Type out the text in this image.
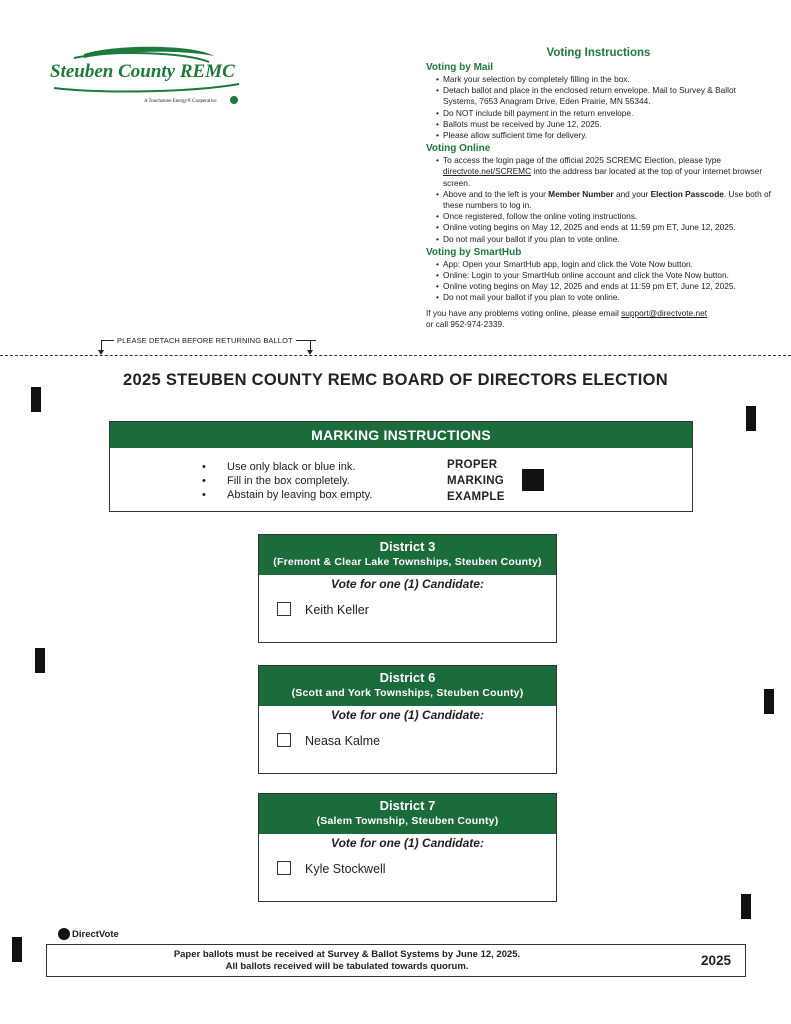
Steuben County REMC
A Touchstone Energy® Cooperative
Voting Instructions
Voting by Mail
• Mark your selection by completely filling in the box.
• Detach ballot and place in the enclosed return envelope. Mail to Survey & Ballot Systems, 7653 Anagram Drive, Eden Prairie, MN 55344.
• Do NOT include bill payment in the return envelope.
• Ballots must be received by June 12, 2025.
• Please allow sufficient time for delivery.
Voting Online
• To access the login page of the official 2025 SCREMC Election, please type directvote.net/SCREMC into the address bar located at the top of your internet browser screen.
• Above and to the left is your Member Number and your Election Passcode. Use both of these numbers to log in.
• Once registered, follow the online voting instructions.
• Online voting begins on May 12, 2025 and ends at 11:59 pm ET, June 12, 2025.
• Do not mail your ballot if you plan to vote online.
Voting by SmartHub
• App: Open your SmartHub app, login and click the Vote Now button.
• Online: Login to your SmartHub online account and click the Vote Now button.
• Online voting begins on May 12, 2025 and ends at 11:59 pm ET, June 12, 2025.
• Do not mail your ballot if you plan to vote online.
If you have any problems voting online, please email support@directvote.net
or call 952-974-2339.
PLEASE DETACH BEFORE RETURNING BALLOT
2025 STEUBEN COUNTY REMC BOARD OF DIRECTORS ELECTION
MARKING INSTRUCTIONS
• Use only black or blue ink.
• Fill in the box completely.
• Abstain by leaving box empty.
PROPER
MARKING
EXAMPLE
District 3
(Fremont & Clear Lake Townships, Steuben County)
Vote for one (1) Candidate:
Keith Keller
District 6
(Scott and York Townships, Steuben County)
Vote for one (1) Candidate:
Neasa Kalme
District 7
(Salem Township, Steuben County)
Vote for one (1) Candidate:
Kyle Stockwell
DirectVote
Paper ballots must be received at Survey & Ballot Systems by June 12, 2025.
All ballots received will be tabulated towards quorum.	2025
